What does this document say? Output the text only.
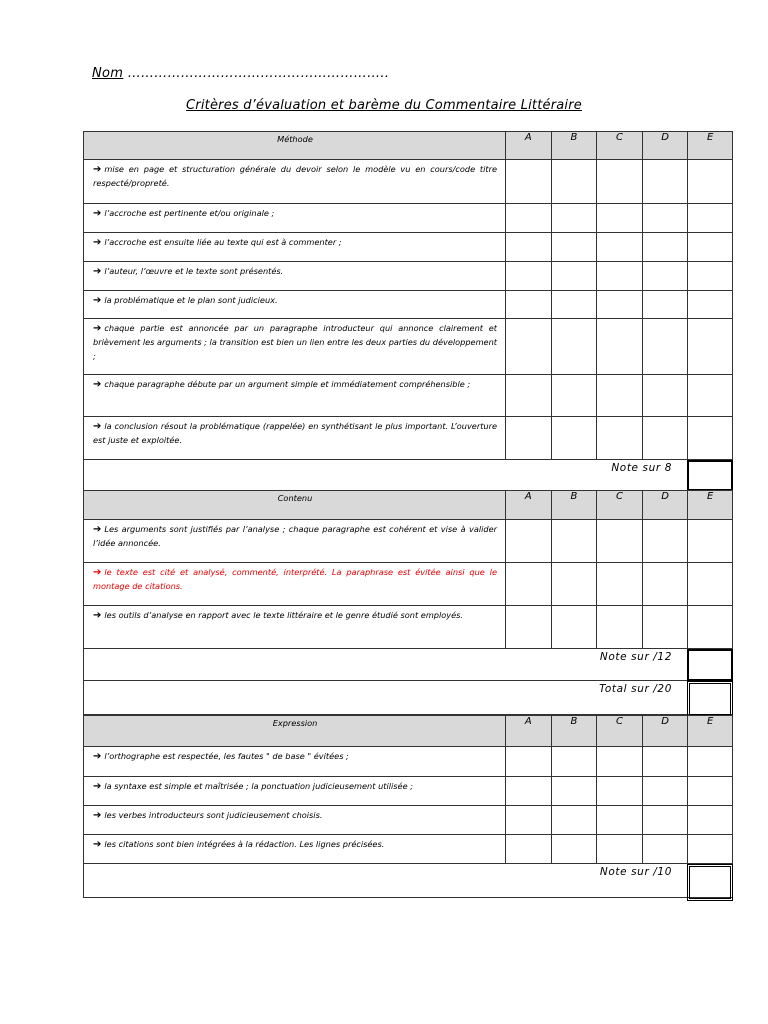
Nom …………………………………………………..
Critères d’évaluation et barème du Commentaire Littéraire
Méthode	A	B	C	D	E
➔ mise en page et structuration générale du devoir selon le modèle vu en cours/code titre respecté/propreté.
➔ l’accroche est pertinente et/ou originale ;
➔ l’accroche est ensuite liée au texte qui est à commenter ;
➔ l’auteur, l’œuvre et le texte sont présentés.
➔ la problématique et le plan sont judicieux.
➔ chaque partie est annoncée par un paragraphe introducteur qui annonce clairement et brièvement les arguments ; la transition est bien un lien entre les deux parties du développement ;
➔ chaque paragraphe débute par un argument simple et immédiatement compréhensible ;
➔ la conclusion résout la problématique (rappelée) en synthétisant le plus important. L’ouverture est juste et exploitée.
Note sur 8
Contenu	A	B	C	D	E
➔ Les arguments sont justifiés par l’analyse ; chaque paragraphe est cohérent et vise à valider l’idée annoncée.
➔ le texte est cité et analysé, commenté, interprété. La paraphrase est évitée ainsi que le montage de citations.
➔ les outils d’analyse en rapport avec le texte littéraire et le genre étudié sont employés.
Note sur /12
Total sur /20
Expression	A	B	C	D	E
➔ l’orthographe est respectée, les fautes " de base " évitées ;
➔ la syntaxe est simple et maîtrisée ; la ponctuation judicieusement utilisée ;
➔ les verbes introducteurs sont judicieusement choisis.
➔ les citations sont bien intégrées à la rédaction. Les lignes précisées.
Note sur /10
